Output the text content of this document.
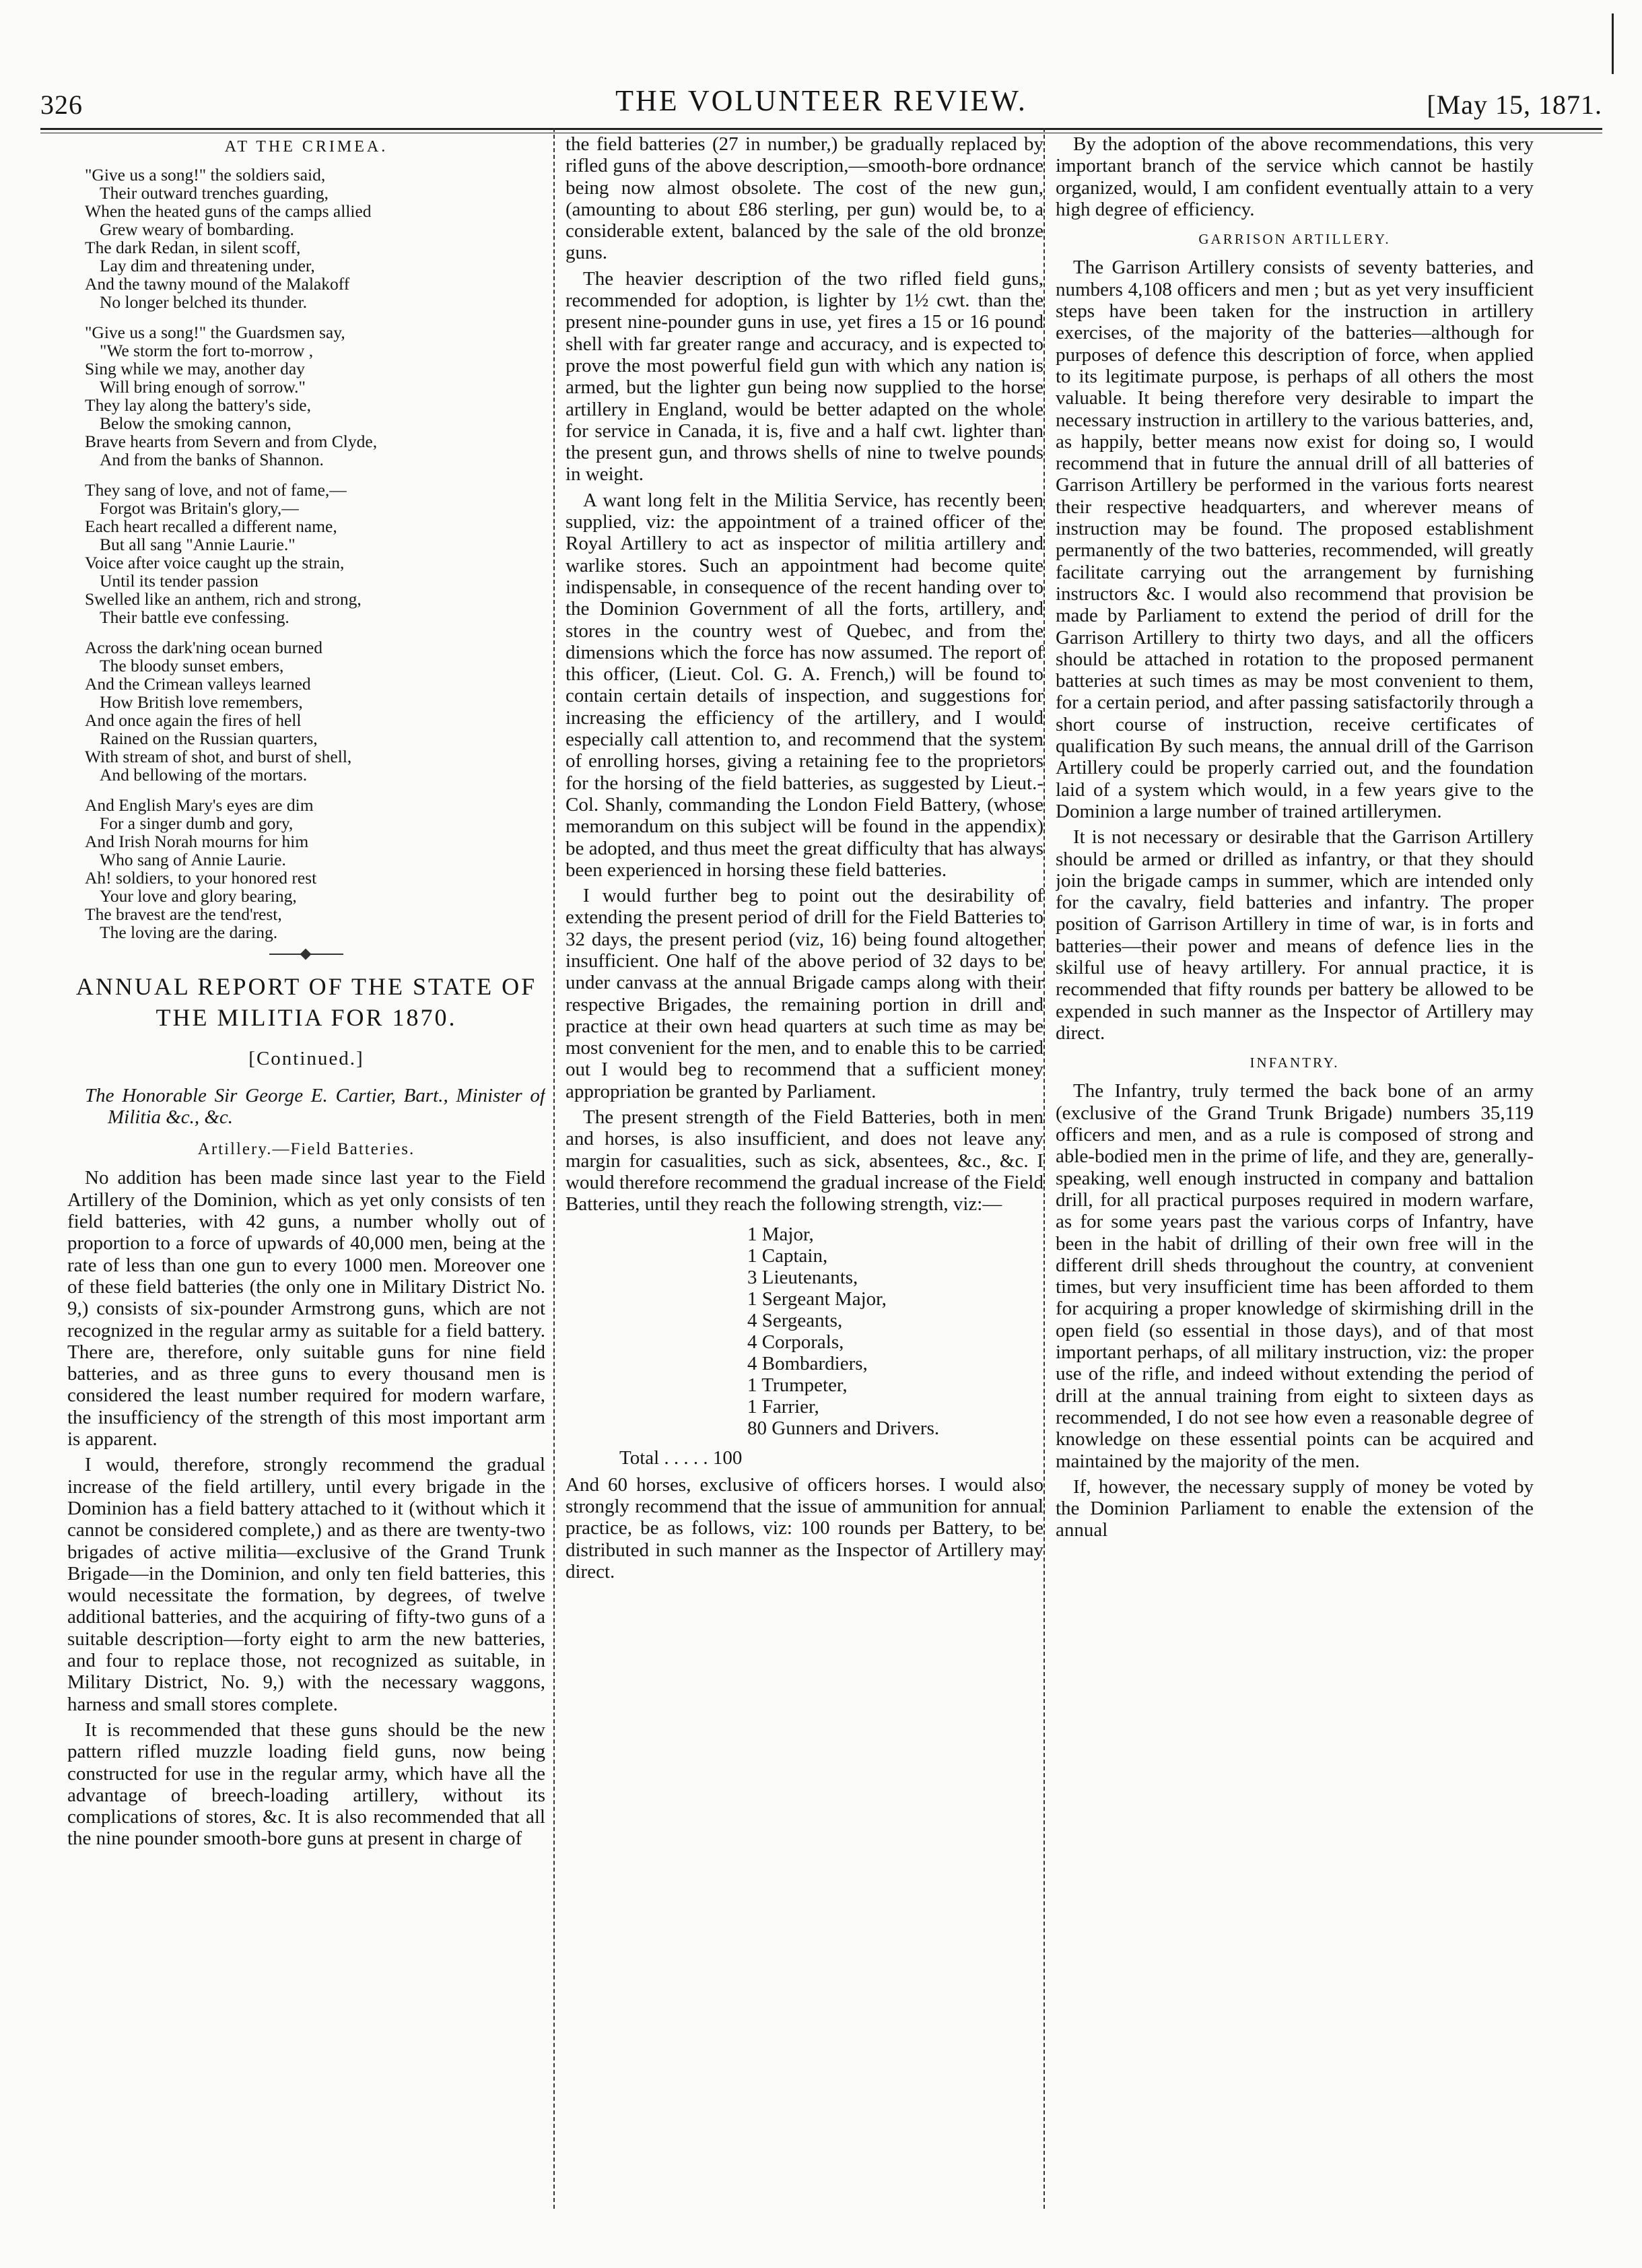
326	THE VOLUNTEER REVIEW.	[May 15, 1871.
AT THE CRIMEA.
"Give us a song!" the soldiers said,
Their outward trenches guarding,
When the heated guns of the camps allied
Grew weary of bombarding.
The dark Redan, in silent scoff,
Lay dim and threatening under,
And the tawny mound of the Malakoff
No longer belched its thunder.
"Give us a song!" the Guardsmen say,
"We storm the fort to-morrow ,
Sing while we may, another day
Will bring enough of sorrow."
They lay along the battery's side,
Below the smoking cannon,
Brave hearts from Severn and from Clyde,
And from the banks of Shannon.
They sang of love, and not of fame,—
Forgot was Britain's glory,—
Each heart recalled a different name,
But all sang "Annie Laurie."
Voice after voice caught up the strain,
Until its tender passion
Swelled like an anthem, rich and strong,
Their battle eve confessing.
Across the dark'ning ocean burned
The bloody sunset embers,
And the Crimean valleys learned
How British love remembers,
And once again the fires of hell
Rained on the Russian quarters,
With stream of shot, and burst of shell,
And bellowing of the mortars.
And English Mary's eyes are dim
For a singer dumb and gory,
And Irish Norah mourns for him
Who sang of Annie Laurie.
Ah! soldiers, to your honored rest
Your love and glory bearing,
The bravest are the tend'rest,
The loving are the daring.
ANNUAL REPORT OF THE STATE OF
THE MILITIA FOR 1870.
[Continued.]
The Honorable Sir George E. Cartier, Bart., Minister of Militia &c., &c.
Artillery.—Field Batteries.

No addition has been made since last year to the Field Artillery of the Dominion, which as yet only consists of ten field batteries, with 42 guns, a number wholly out of proportion to a force of upwards of 40,000 men, being at the rate of less than one gun to every 1000 men. Moreover one of these field batteries (the only one in Military District No. 9,) consists of six-pounder Armstrong guns, which are not recognized in the regular army as suitable for a field battery. There are, therefore, only suitable guns for nine field batteries, and as three guns to every thousand men is considered the least number required for modern warfare, the insufficiency of the strength of this most important arm is apparent.

I would, therefore, strongly recommend the gradual increase of the field artillery, until every brigade in the Dominion has a field battery attached to it (without which it cannot be considered complete,) and as there are twenty-two brigades of active militia—exclusive of the Grand Trunk Brigade—in the Dominion, and only ten field batteries, this would necessitate the formation, by degrees, of twelve additional batteries, and the acquiring of fifty-two guns of a suitable description—forty eight to arm the new batteries, and four to replace those, not recognized as suitable, in Military District, No. 9,) with the necessary waggons, harness and small stores complete.

It is recommended that these guns should be the new pattern rifled muzzle loading field guns, now being constructed for use in the regular army, which have all the advantage of breech-loading artillery, without its complications of stores, &c. It is also recommended that all the nine pounder smooth-bore guns at present in charge of

the field batteries (27 in number,) be gradually replaced by rifled guns of the above description,—smooth-bore ordnance being now almost obsolete. The cost of the new gun, (amounting to about £86 sterling, per gun) would be, to a considerable extent, balanced by the sale of the old bronze guns.

The heavier description of the two rifled field guns, recommended for adoption, is lighter by 1½ cwt. than the present nine-pounder guns in use, yet fires a 15 or 16 pound shell with far greater range and accuracy, and is expected to prove the most powerful field gun with which any nation is armed, but the lighter gun being now supplied to the horse artillery in England, would be better adapted on the whole for service in Canada, it is, five and a half cwt. lighter than the present gun, and throws shells of nine to twelve pounds in weight.

A want long felt in the Militia Service, has recently been supplied, viz: the appointment of a trained officer of the Royal Artillery to act as inspector of militia artillery and warlike stores. Such an appointment had become quite indispensable, in consequence of the recent handing over to the Dominion Government of all the forts, artillery, and stores in the country west of Quebec, and from the dimensions which the force has now assumed. The report of this officer, (Lieut. Col. G. A. French,) will be found to contain certain details of inspection, and suggestions for increasing the efficiency of the artillery, and I would especially call attention to, and recommend that the system of enrolling horses, giving a retaining fee to the proprietors for the horsing of the field batteries, as suggested by Lieut.-Col. Shanly, commanding the London Field Battery, (whose memorandum on this subject will be found in the appendix) be adopted, and thus meet the great difficulty that has always been experienced in horsing these field batteries.

I would further beg to point out the desirability of extending the present period of drill for the Field Batteries to 32 days, the present period (viz, 16) being found altogether insufficient. One half of the above period of 32 days to be under canvass at the annual Brigade camps along with their respective Brigades, the remaining portion in drill and practice at their own head quarters at such time as may be most convenient for the men, and to enable this to be carried out I would beg to recommend that a sufficient money appropriation be granted by Parliament.

The present strength of the Field Batteries, both in men and horses, is also insufficient, and does not leave any margin for casualities, such as sick, absentees, &c., &c. I would therefore recommend the gradual increase of the Field Batteries, until they reach the following strength, viz:—

1 Major,
1 Captain,
3 Lieutenants,
1 Sergeant Major,
4 Sergeants,
4 Corporals,
4 Bombardiers,
1 Trumpeter,
1 Farrier,
80 Gunners and Drivers.
Total . . . . . 100

And 60 horses, exclusive of officers horses. I would also strongly recommend that the issue of ammunition for annual practice, be as follows, viz: 100 rounds per Battery, to be distributed in such manner as the Inspector of Artillery may direct.

By the adoption of the above recommendations, this very important branch of the service which cannot be hastily organized, would, I am confident eventually attain to a very high degree of efficiency.

GARRISON ARTILLERY.

The Garrison Artillery consists of seventy batteries, and numbers 4,108 officers and men ; but as yet very insufficient steps have been taken for the instruction in artillery exercises, of the majority of the batteries—although for purposes of defence this description of force, when applied to its legitimate purpose, is perhaps of all others the most valuable. It being therefore very desirable to impart the necessary instruction in artillery to the various batteries, and, as happily, better means now exist for doing so, I would recommend that in future the annual drill of all batteries of Garrison Artillery be performed in the various forts nearest their respective headquarters, and wherever means of instruction may be found. The proposed establishment permanently of the two batteries, recommended, will greatly facilitate carrying out the arrangement by furnishing instructors &c. I would also recommend that provision be made by Parliament to extend the period of drill for the Garrison Artillery to thirty two days, and all the officers should be attached in rotation to the proposed permanent batteries at such times as may be most convenient to them, for a certain period, and after passing satisfactorily through a short course of instruction, receive certificates of qualification By such means, the annual drill of the Garrison Artillery could be properly carried out, and the foundation laid of a system which would, in a few years give to the Dominion a large number of trained artillerymen.

It is not necessary or desirable that the Garrison Artillery should be armed or drilled as infantry, or that they should join the brigade camps in summer, which are intended only for the cavalry, field batteries and infantry. The proper position of Garrison Artillery in time of war, is in forts and batteries—their power and means of defence lies in the skilful use of heavy artillery. For annual practice, it is recommended that fifty rounds per battery be allowed to be expended in such manner as the Inspector of Artillery may direct.

INFANTRY.

The Infantry, truly termed the back bone of an army (exclusive of the Grand Trunk Brigade) numbers 35,119 officers and men, and as a rule is composed of strong and able-bodied men in the prime of life, and they are, generally-speaking, well enough instructed in company and battalion drill, for all practical purposes required in modern warfare, as for some years past the various corps of Infantry, have been in the habit of drilling of their own free will in the different drill sheds throughout the country, at convenient times, but very insufficient time has been afforded to them for acquiring a proper knowledge of skirmishing drill in the open field (so essential in those days), and of that most important perhaps, of all military instruction, viz: the proper use of the rifle, and indeed without extending the period of drill at the annual training from eight to sixteen days as recommended, I do not see how even a reasonable degree of knowledge on these essential points can be acquired and maintained by the majority of the men.

If, however, the necessary supply of money be voted by the Dominion Parliament to enable the extension of the annual
